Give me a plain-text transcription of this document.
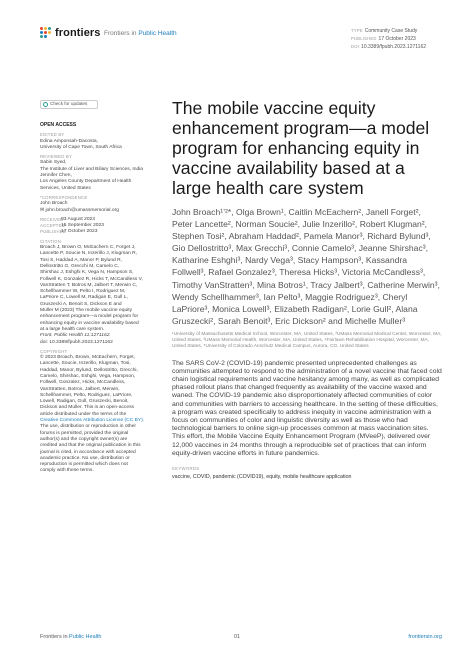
frontiers Frontiers in Public Health	TYPE Community Case Study
PUBLISHED 17 October 2023
DOI 10.3389/fpubh.2023.1271162
Check for updates
OPEN ACCESS
EDITED BY
Edina Amponsah-Dacosta,
University of Cape Town, South Africa
REVIEWED BY
Sabin Syed,
The Institute of Liver and Biliary Sciences, India
Jennifer Chen,
Los Angeles County Department of Health
Services, United States
*CORRESPONDENCE
John Broach
✉ john.broach@umassmemorial.org
RECEIVED
03 August 2023
ACCEPTED
15 September 2023
PUBLISHED
17 October 2023
CITATION
Broach J, Brown O, McEachern C, Forget J,
Lancette P, Soucie N, Inzerillo J, Klugman R,
Tosi S, Haddad A, Manor P, Bylund R,
Dellostritto G, Grecchi M, Camelo C,
Shirshac J, Eshghi K, Vega N, Hampson S,
Follwell K, Gonzalez R, Hicks T, McCandless V,
VanStratten T, Botros M, Jalbert T, Merwin C,
Schellhammer W, Pelto I, Rodriguez M,
LaPriore C, Lowell M, Radigan E, Gull L,
Gruszecki A, Benoit S, Dickson E and
Muller M (2023) The mobile vaccine equity
enhancement program—a model program for
enhancing equity in vaccine availability based
at a large health care system.
Front. Public Health 11:1271162.
doi: 10.3389/fpubh.2023.1271162
COPYRIGHT
© 2023 Broach, Brown, McEachern, Forget,
Lancette, Soucie, Inzerillo, Klugman, Tosi,
Haddad, Manor, Bylund, Dellostritto, Grecchi,
Camelo, Shirshac, Eshghi, Vega, Hampson,
Follwell, Gonzalez, Hicks, McCandless,
VanStratten, Botros, Jalbert, Merwin,
Schellhammer, Pelto, Rodriguez, LaPriore,
Lowell, Radigan, Gull, Gruszecki, Benoit,
Dickson and Muller. This is an open-access
article distributed under the terms of the
Creative Commons Attribution License (CC BY).
The use, distribution or reproduction in other
forums is permitted, provided the original
author(s) and the copyright owner(s) are
credited and that the original publication in this
journal is cited, in accordance with accepted
academic practice. No use, distribution or
reproduction is permitted which does not
comply with these terms.
The mobile vaccine equity enhancement program—a model program for enhancing equity in vaccine availability based at a large health care system
John Broach¹’²*, Olga Brown¹, Caitlin McEachern², Janell Forget², Peter Lancette², Norman Soucie², Julie Inzerillo², Robert Klugman², Stephen Tosi², Abraham Haddad², Pamela Manor³, Richard Bylund³, Gio Dellostritto³, Max Grecchi³, Connie Camelo³, Jeanne Shirshac³, Katharine Eshghi³, Nardy Vega³, Stacy Hampson³, Kassandra Follwell³, Rafael Gonzalez³, Theresa Hicks³, Victoria McCandless³, Timothy VanStratten³, Mina Botros¹, Tracy Jalbert³, Catherine Merwin³, Wendy Schellhammer³, Ian Pelto³, Maggie Rodriguez³, Cheryl LaPriore³, Monica Lowell³, Elizabeth Radigan², Lorie Gull², Alana Gruszecki², Sarah Benoit³, Eric Dickson² and Michelle Muller³
¹University of Massachusetts Medical School, Worcester, MA, United States, ²UMass Memorial Medical Center, Worcester, MA, United States, ³UMass Memorial Health, Worcester, MA, United States, ⁴Fairlawn Rehabilitation Hospital, Worcester, MA, United States, ⁵University of Colorado Anschutz Medical Campus, Aurora, CO, United States
The SARS CoV-2 (COVID-19) pandemic presented unprecedented challenges as communities attempted to respond to the administration of a novel vaccine that faced cold chain logistical requirements and vaccine hesitancy among many, as well as complicated phased rollout plans that changed frequently as availability of the vaccine waxed and waned. The COVID-19 pandemic also disproportionately affected communities of color and communities with barriers to accessing healthcare. In the setting of these difficulties, a program was created specifically to address inequity in vaccine administration with a focus on communities of color and linguistic diversity as well as those who had technological barriers to online sign-up processes common at mass vaccination sites. This effort, the Mobile Vaccine Equity Enhancement Program (MVeeP), delivered over 12,000 vaccines in 24 months through a reproducible set of practices that can inform equity-driven vaccine efforts in future pandemics.
KEYWORDS
vaccine, COVID, pandemic (COVID19), equity, mobile healthcare application
Frontiers in Public Health	01	frontiersin.org
